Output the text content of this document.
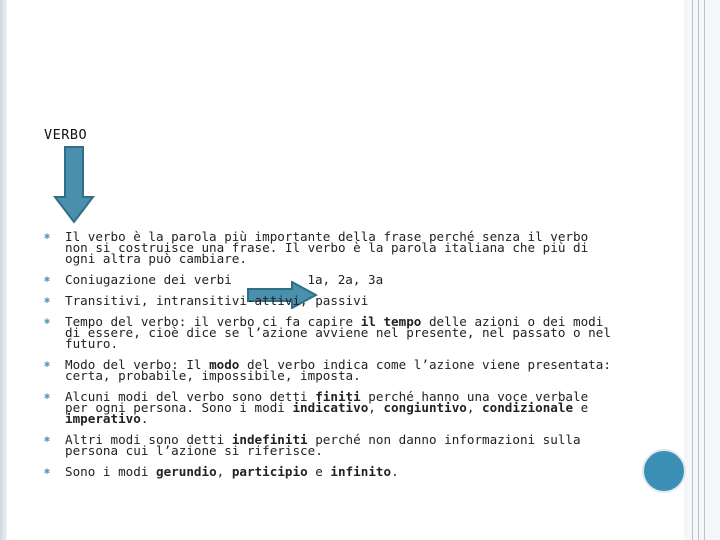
VERBO
✱ Il verbo è la parola più importante della frase perché senza il verbo non si costruisce una frase. Il verbo è la parola italiana che più di ogni altra può cambiare.
✱ Coniugazione dei verbi	1a, 2a, 3a
✱ Transitivi, intransitivi-attivi, passivi
✱ Tempo del verbo: il verbo ci fa capire il tempo delle azioni o dei modi di essere, cioè dice se l’azione avviene nel presente, nel passato o nel futuro.
✱ Modo del verbo: Il modo del verbo indica come l’azione viene presentata: certa, probabile, impossibile, imposta.
✱ Alcuni modi del verbo sono detti finiti perché hanno una voce verbale per ogni persona. Sono i modi indicativo, congiuntivo, condizionale e imperativo.
✱ Altri modi sono detti indefiniti perché non danno informazioni sulla persona cui l’azione si riferisce.
✱ Sono i modi gerundio, participio e infinito.
